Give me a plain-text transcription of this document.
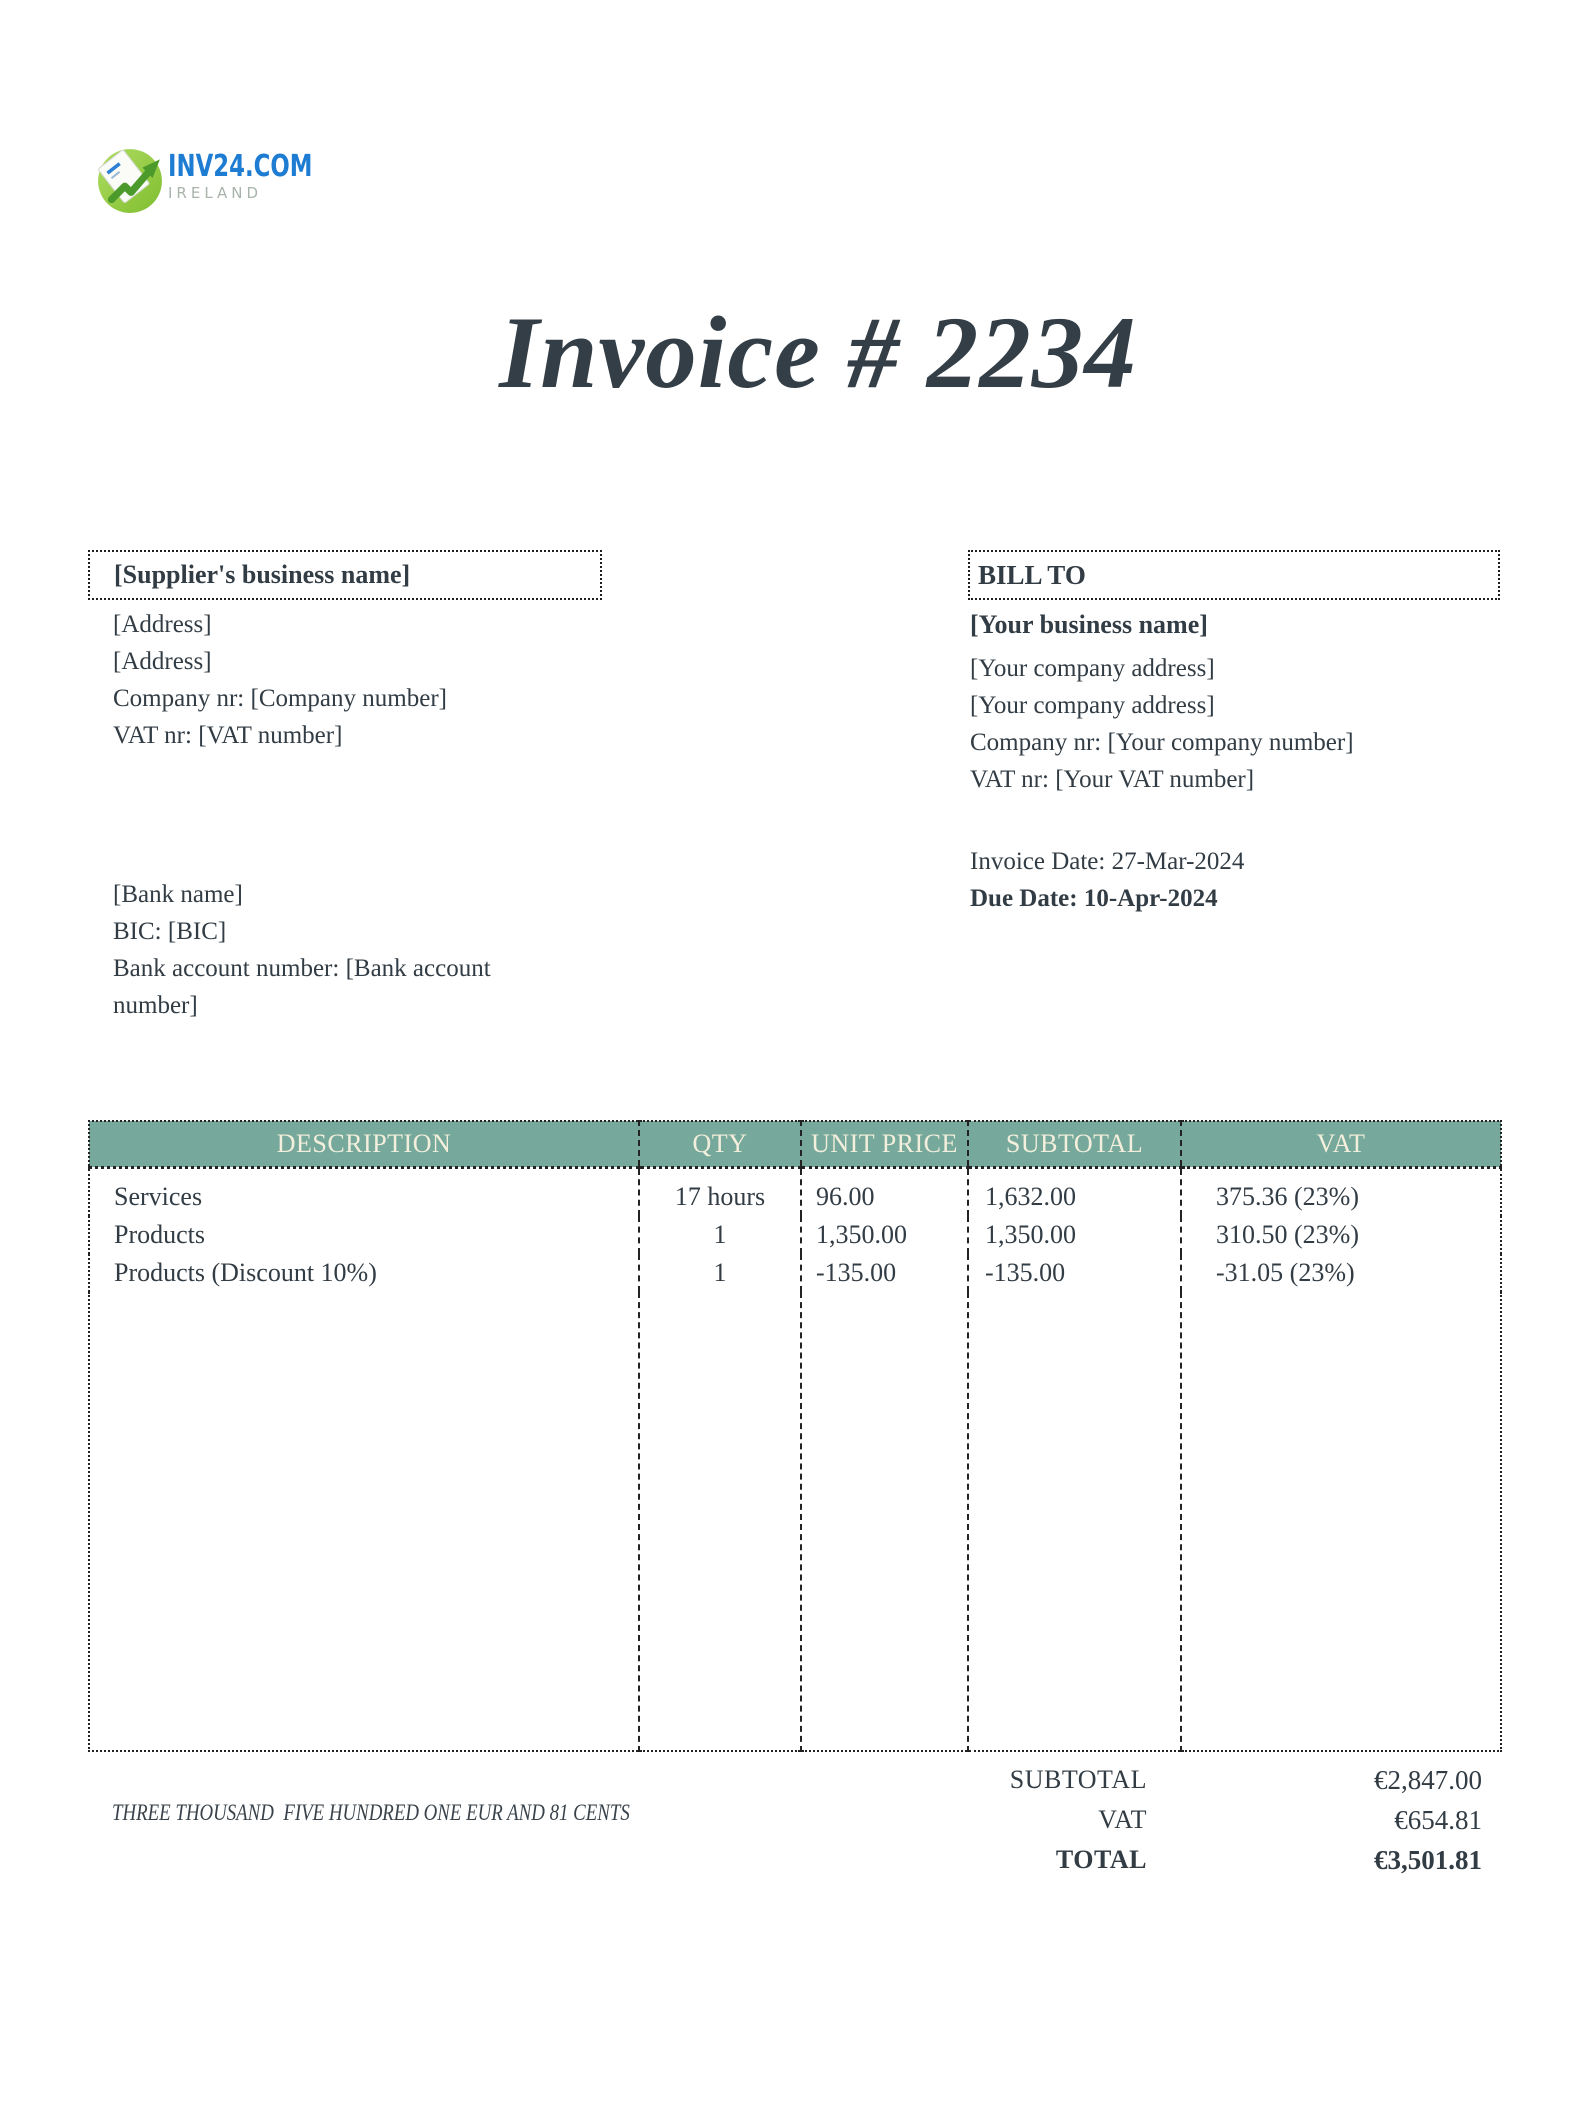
INV24.COM
IRELAND
Invoice # 2234
[Supplier's business name]
[Address]
[Address]
Company nr: [Company number]
VAT nr: [VAT number]
[Bank name]
BIC: [BIC]
Bank account number: [Bank account number]
BILL TO
[Your business name]
[Your company address]
[Your company address]
Company nr: [Your company number]
VAT nr: [Your VAT number]
Invoice Date: 27-Mar-2024
Due Date: 10-Apr-2024
DESCRIPTION	QTY	UNIT PRICE	SUBTOTAL	VAT
Services	17 hours	96.00	1,632.00	375.36 (23%)
Products	1	1,350.00	1,350.00	310.50 (23%)
Products (Discount 10%)	1	-135.00	-135.00	-31.05 (23%)

SUBTOTAL	€2,847.00
VAT	€654.81
TOTAL	€3,501.81
THREE THOUSAND  FIVE HUNDRED ONE EUR AND 81 CENTS
